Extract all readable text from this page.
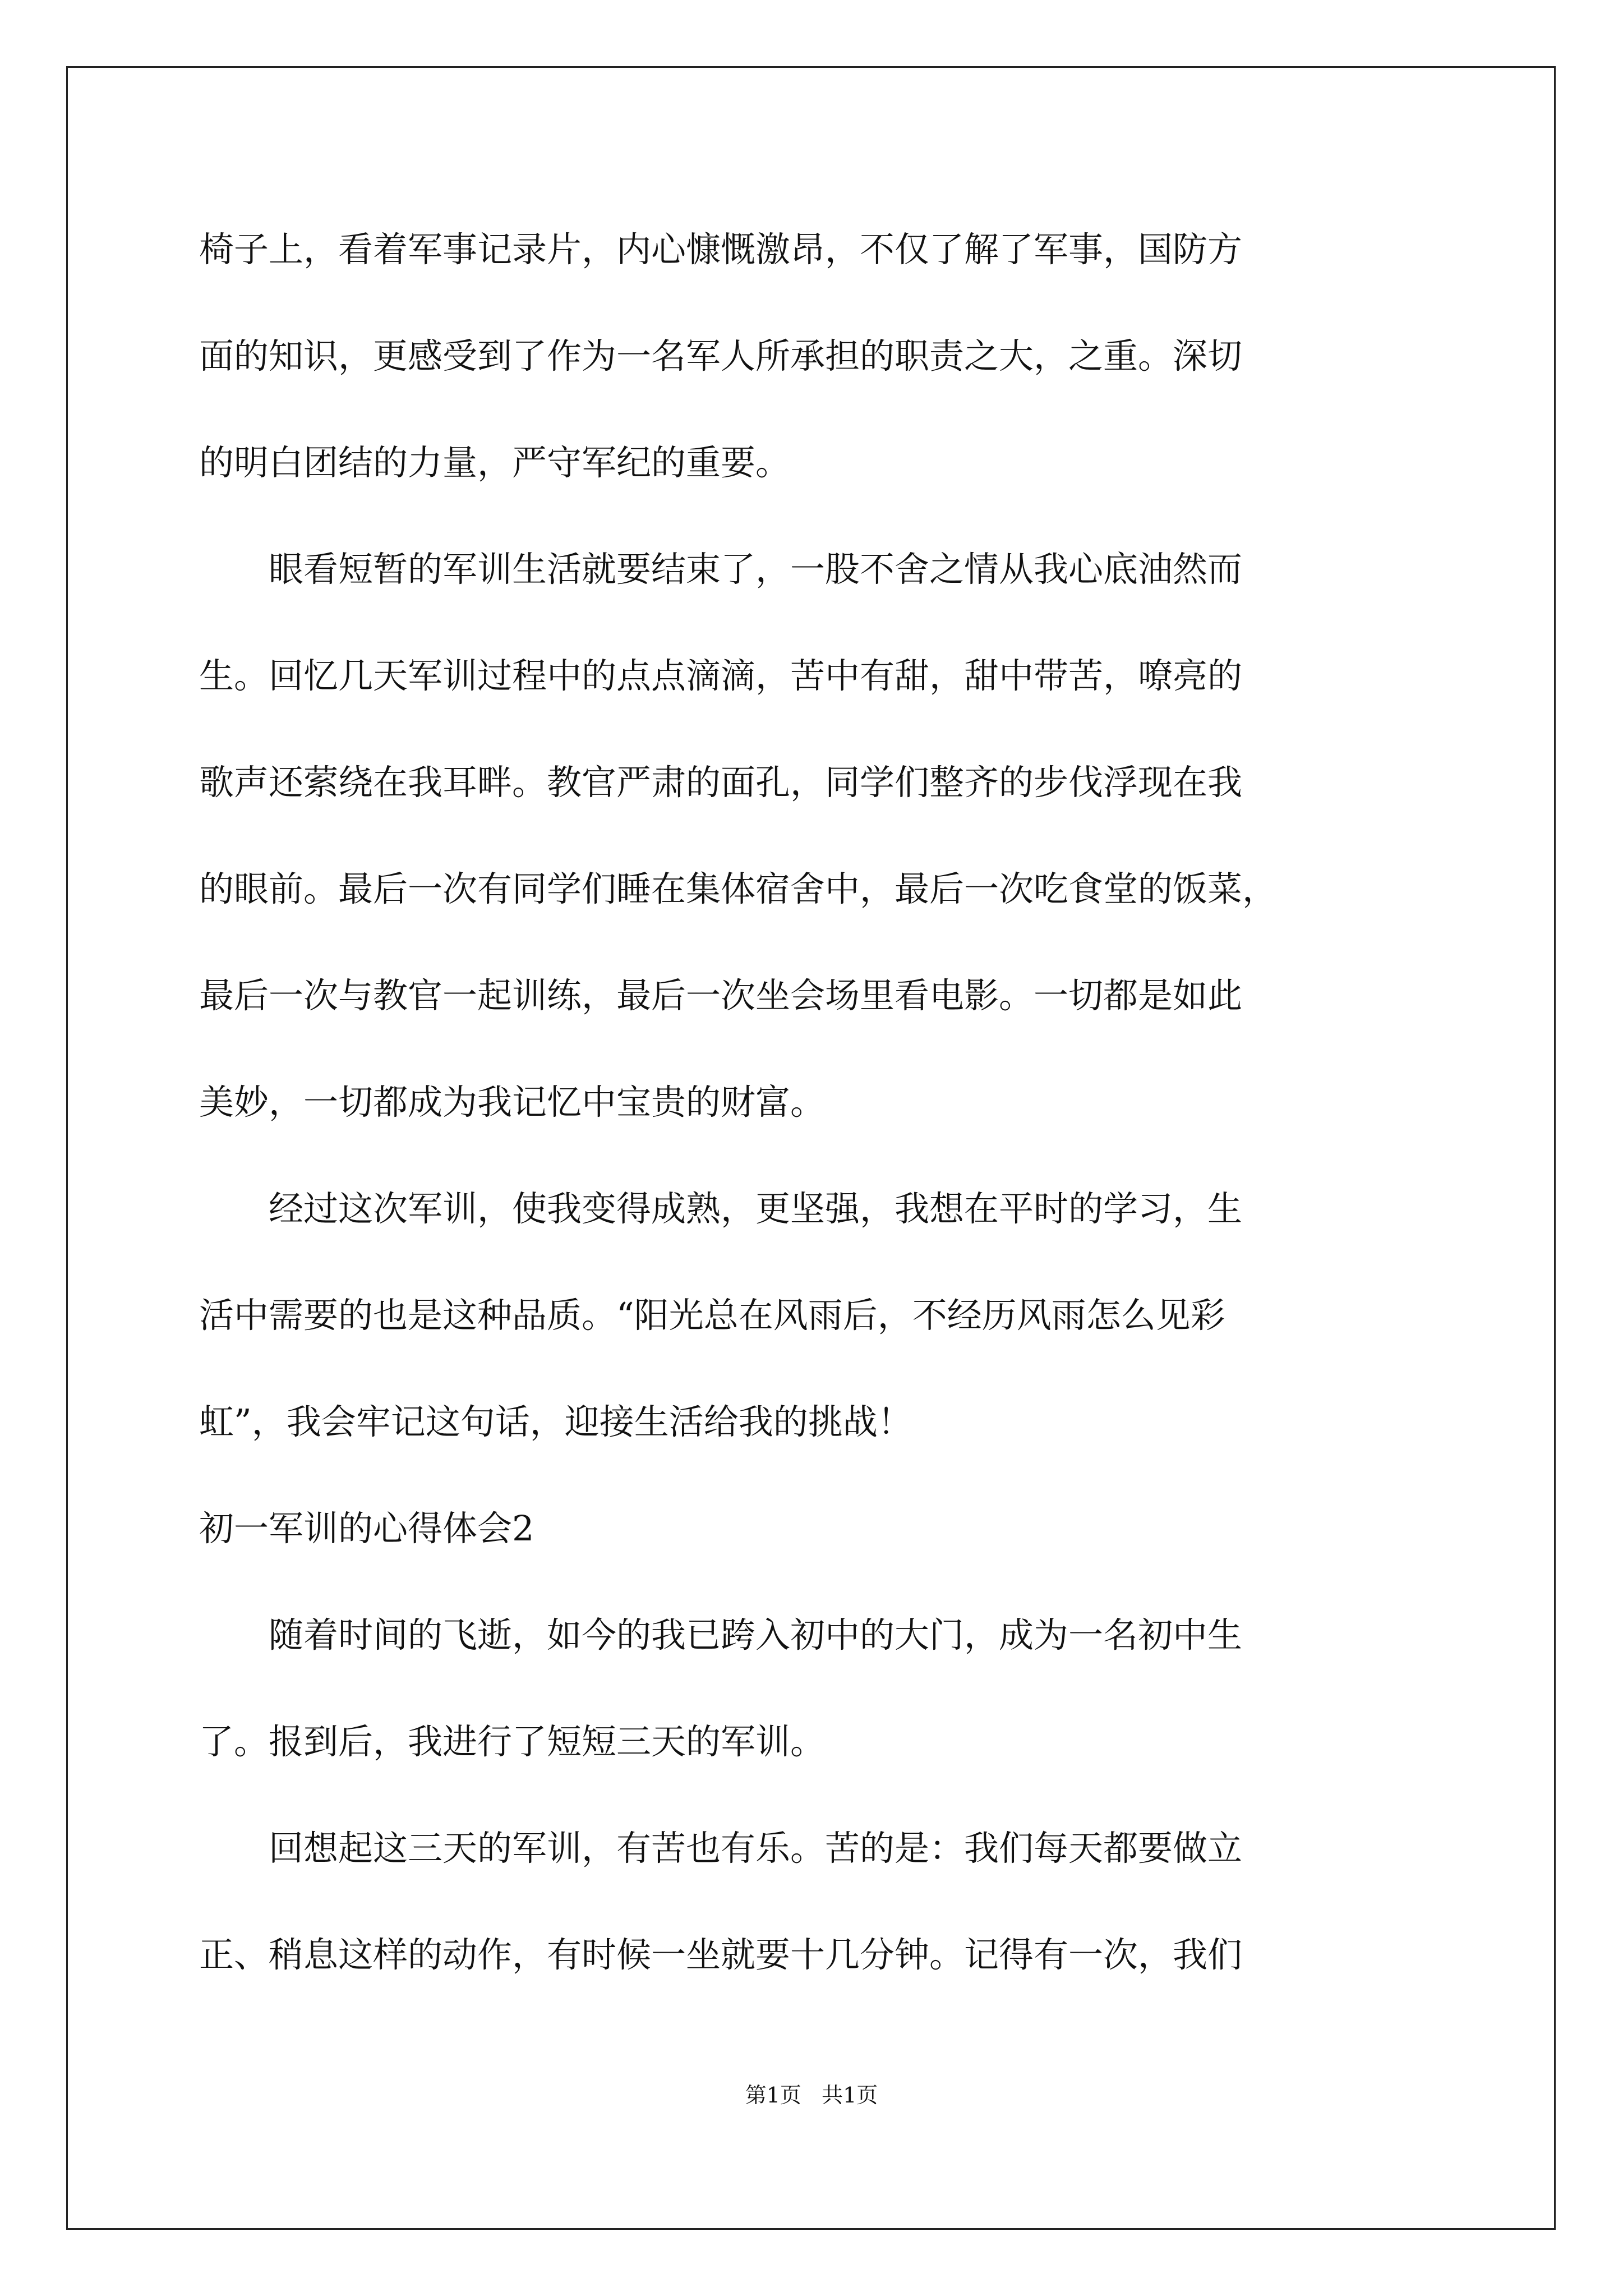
椅子上，看着军事记录片，内心慷慨激昂，不仅了解了军事，国防方
面的知识，更感受到了作为一名军人所承担的职责之大，之重。深切
的明白团结的力量，严守军纪的重要。
　　眼看短暂的军训生活就要结束了，一股不舍之情从我心底油然而
生。回忆几天军训过程中的点点滴滴，苦中有甜，甜中带苦，嘹亮的
歌声还萦绕在我耳畔。教官严肃的面孔，同学们整齐的步伐浮现在我
的眼前。最后一次有同学们睡在集体宿舍中，最后一次吃食堂的饭菜，
最后一次与教官一起训练，最后一次坐会场里看电影。一切都是如此
美妙，一切都成为我记忆中宝贵的财富。
　　经过这次军训，使我变得成熟，更坚强，我想在平时的学习，生
活中需要的也是这种品质。“阳光总在风雨后，不经历风雨怎么见彩
虹”，我会牢记这句话，迎接生活给我的挑战！
初一军训的心得体会2
　　随着时间的飞逝，如今的我已跨入初中的大门，成为一名初中生
了。报到后，我进行了短短三天的军训。
　　回想起这三天的军训，有苦也有乐。苦的是：我们每天都要做立
正、稍息这样的动作，有时候一坐就要十几分钟。记得有一次，我们
第1页   共1页
